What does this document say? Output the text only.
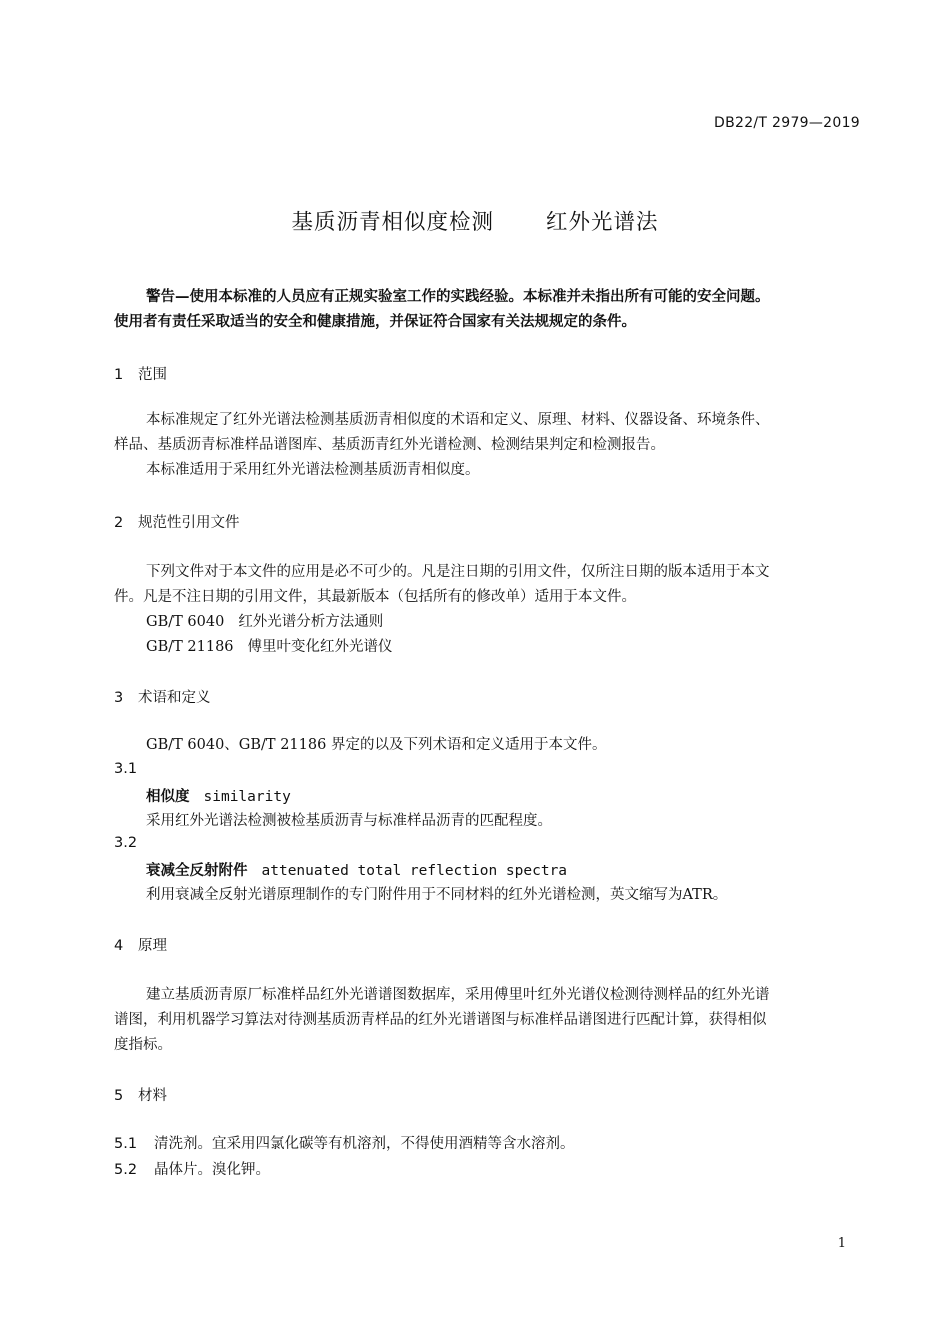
DB22/T 2979—2019
基质沥青相似度检测 红外光谱法
警告—使用本标准的人员应有正规实验室工作的实践经验。本标准并未指出所有可能的安全问题。
使用者有责任采取适当的安全和健康措施，并保证符合国家有关法规规定的条件。
1 范围
本标准规定了红外光谱法检测基质沥青相似度的术语和定义、原理、材料、仪器设备、环境条件、
样品、基质沥青标准样品谱图库、基质沥青红外光谱检测、检测结果判定和检测报告。
本标准适用于采用红外光谱法检测基质沥青相似度。
2 规范性引用文件
下列文件对于本文件的应用是必不可少的。凡是注日期的引用文件，仅所注日期的版本适用于本文
件。凡是不注日期的引用文件，其最新版本（包括所有的修改单）适用于本文件。
GB/T 6040 红外光谱分析方法通则
GB/T 21186 傅里叶变化红外光谱仪
3 术语和定义
GB/T 6040、GB/T 21186 界定的以及下列术语和定义适用于本文件。
3.1
相似度 similarity
采用红外光谱法检测被检基质沥青与标准样品沥青的匹配程度。
3.2
衰减全反射附件 attenuated total reflection spectra
利用衰减全反射光谱原理制作的专门附件用于不同材料的红外光谱检测，英文缩写为ATR。
4 原理
建立基质沥青原厂标准样品红外光谱谱图数据库，采用傅里叶红外光谱仪检测待测样品的红外光谱
谱图，利用机器学习算法对待测基质沥青样品的红外光谱谱图与标准样品谱图进行匹配计算，获得相似
度指标。
5 材料
5.1 清洗剂。宜采用四氯化碳等有机溶剂，不得使用酒精等含水溶剂。
5.2 晶体片。溴化钾。
1
